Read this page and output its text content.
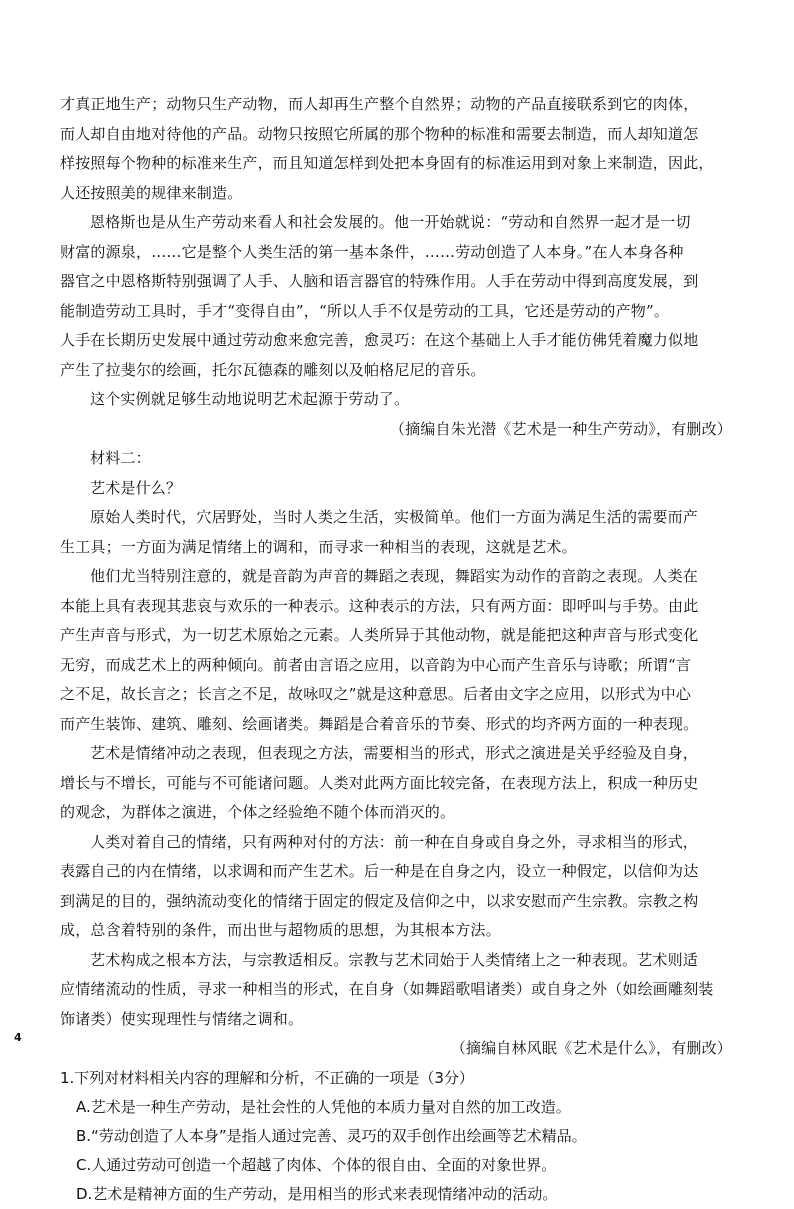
才真正地生产；动物只生产动物，而人却再生产整个自然界；动物的产品直接联系到它的肉体，
而人却自由地对待他的产品。动物只按照它所属的那个物种的标准和需要去制造，而人却知道怎
样按照每个物种的标准来生产，而且知道怎样到处把本身固有的标准运用到对象上来制造，因此，
人还按照美的规律来制造。
恩格斯也是从生产劳动来看人和社会发展的。他一开始就说：“劳动和自然界一起才是一切
财富的源泉，……它是整个人类生活的第一基本条件，……劳动创造了人本身。”在人本身各种
器官之中恩格斯特别强调了人手、人脑和语言器官的特殊作用。人手在劳动中得到高度发展，到
能制造劳动工具时，手才“变得自由”，“所以人手不仅是劳动的工具，它还是劳动的产物”。
人手在长期历史发展中通过劳动愈来愈完善，愈灵巧：在这个基础上人手才能仿佛凭着魔力似地
产生了拉斐尔的绘画，托尔瓦德森的雕刻以及帕格尼尼的音乐。
这个实例就足够生动地说明艺术起源于劳动了。
（摘编自朱光潜《艺术是一种生产劳动》，有删改）
材料二：
艺术是什么？
原始人类时代，穴居野处，当时人类之生活，实极简单。他们一方面为满足生活的需要而产
生工具；一方面为满足情绪上的调和，而寻求一种相当的表现，这就是艺术。
他们尤当特别注意的，就是音韵为声音的舞蹈之表现，舞蹈实为动作的音韵之表现。人类在
本能上具有表现其悲哀与欢乐的一种表示。这种表示的方法，只有两方面：即呼叫与手势。由此
产生声音与形式，为一切艺术原始之元素。人类所异于其他动物，就是能把这种声音与形式变化
无穷，而成艺术上的两种倾向。前者由言语之应用，以音韵为中心而产生音乐与诗歌；所谓“言
之不足，故长言之；长言之不足，故咏叹之”就是这种意思。后者由文字之应用，以形式为中心
而产生装饰、建筑、雕刻、绘画诸类。舞蹈是合着音乐的节奏、形式的均齐两方面的一种表现。
艺术是情绪冲动之表现，但表现之方法，需要相当的形式，形式之演进是关乎经验及自身，
增长与不增长，可能与不可能诸问题。人类对此两方面比较完备，在表现方法上，积成一种历史
的观念，为群体之演进，个体之经验绝不随个体而消灭的。
人类对着自己的情绪，只有两种对付的方法：前一种在自身或自身之外，寻求相当的形式，
表露自己的内在情绪，以求调和而产生艺术。后一种是在自身之内，设立一种假定，以信仰为达
到满足的目的，强纳流动变化的情绪于固定的假定及信仰之中，以求安慰而产生宗教。宗教之构
成，总含着特别的条件，而出世与超物质的思想，为其根本方法。
艺术构成之根本方法，与宗教适相反。宗教与艺术同始于人类情绪上之一种表现。艺术则适
应情绪流动的性质，寻求一种相当的形式，在自身（如舞蹈歌唱诸类）或自身之外（如绘画雕刻装
饰诸类）使实现理性与情绪之调和。
（摘编自林风眠《艺术是什么》，有删改）
1.下列对材料相关内容的理解和分析，不正确的一项是（3分）
A.艺术是一种生产劳动，是社会性的人凭他的本质力量对自然的加工改造。
B.“劳动创造了人本身”是指人通过完善、灵巧的双手创作出绘画等艺术精品。
C.人通过劳动可创造一个超越了肉体、个体的很自由、全面的对象世界。
D.艺术是精神方面的生产劳动，是用相当的形式来表现情绪冲动的活动。
4
